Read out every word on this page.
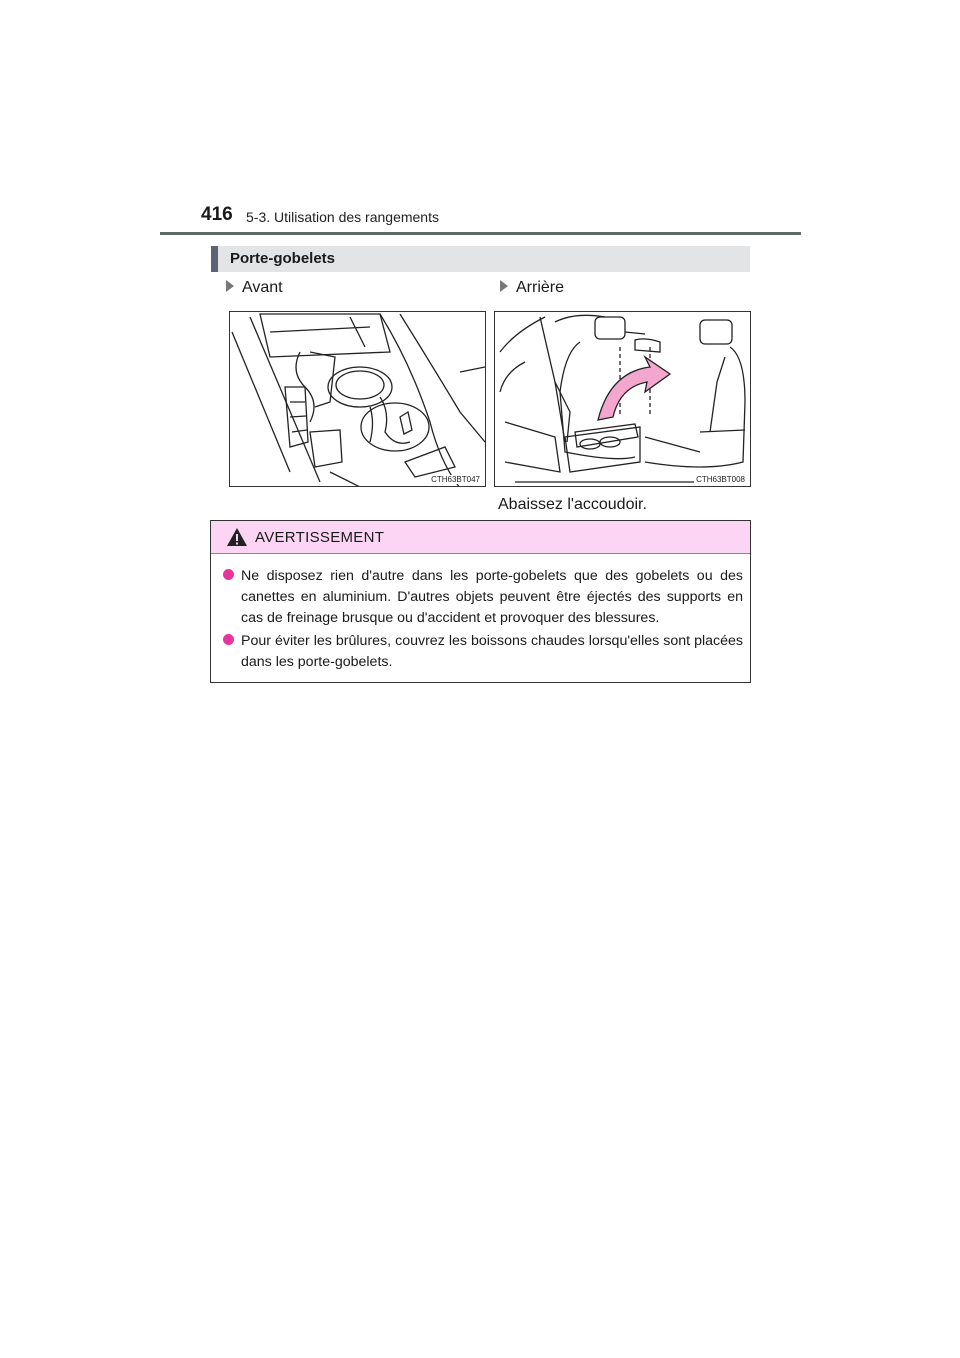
416 5-3. Utilisation des rangements
Porte-gobelets
Avant	Arrière
CTH63BT047	CTH63BT008
Abaissez l'accoudoir.
AVERTISSEMENT

Ne disposez rien d'autre dans les porte-gobelets que des gobelets ou des canettes en aluminium. D'autres objets peuvent être éjectés des supports en cas de freinage brusque ou d'accident et provoquer des blessures.

Pour éviter les brûlures, couvrez les boissons chaudes lorsqu'elles sont placées dans les porte-gobelets.
